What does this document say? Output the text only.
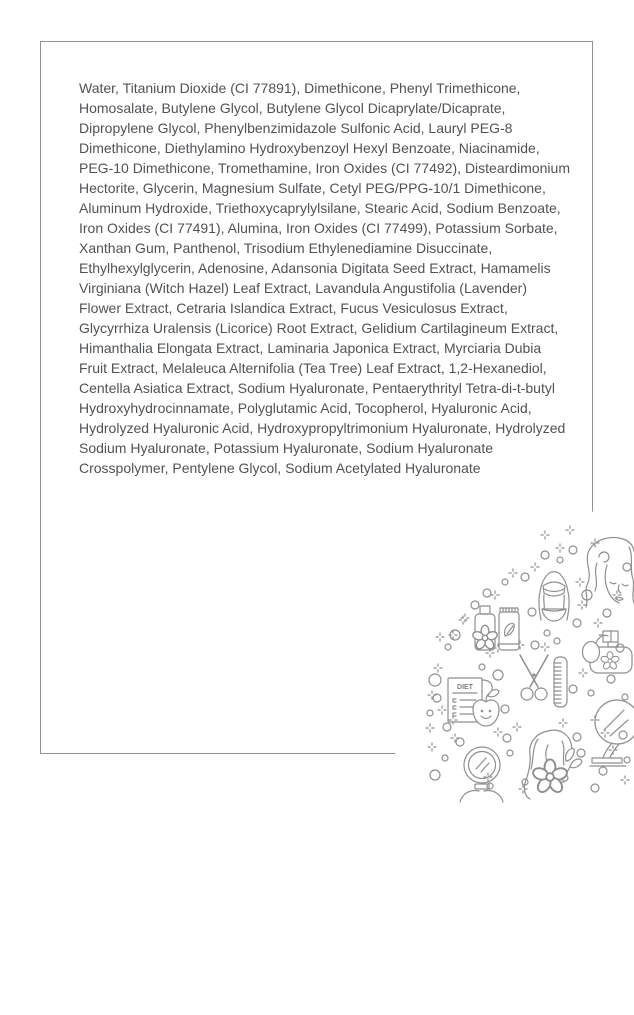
Water, Titanium Dioxide (CI 77891), Dimethicone, Phenyl Trimethicone, Homosalate, Butylene Glycol, Butylene Glycol Dicaprylate/Dicaprate, Dipropylene Glycol, Phenylbenzimidazole Sulfonic Acid, Lauryl PEG-8 Dimethicone, Diethylamino Hydroxybenzoyl Hexyl Benzoate, Niacinamide, PEG-10 Dimethicone, Tromethamine, Iron Oxides (CI 77492), Disteardimonium Hectorite, Glycerin, Magnesium Sulfate, Cetyl PEG/PPG-10/1 Dimethicone, Aluminum Hydroxide, Triethoxycaprylylsilane, Stearic Acid, Sodium Benzoate, Iron Oxides (CI 77491), Alumina, Iron Oxides (CI 77499), Potassium Sorbate, Xanthan Gum, Panthenol, Trisodium Ethylenediamine Disuccinate, Ethylhexylglycerin, Adenosine, Adansonia Digitata Seed Extract, Hamamelis Virginiana (Witch Hazel) Leaf Extract, Lavandula Angustifolia (Lavender) Flower Extract, Cetraria Islandica Extract, Fucus Vesiculosus Extract, Glycyrrhiza Uralensis (Licorice) Root Extract, Gelidium Cartilagineum Extract, Himanthalia Elongata Extract, Laminaria Japonica Extract, Myrciaria Dubia Fruit Extract, Melaleuca Alternifolia (Tea Tree) Leaf Extract, 1,2-Hexanediol, Centella Asiatica Extract, Sodium Hyaluronate, Pentaerythrityl Tetra-di-t-butyl Hydroxyhydrocinnamate, Polyglutamic Acid, Tocopherol, Hyaluronic Acid, Hydrolyzed Hyaluronic Acid, Hydroxypropyltrimonium Hyaluronate, Hydrolyzed Sodium Hyaluronate, Potassium Hyaluronate, Sodium Hyaluronate Crosspolymer, Pentylene Glycol, Sodium Acetylated Hyaluronate

DIET
